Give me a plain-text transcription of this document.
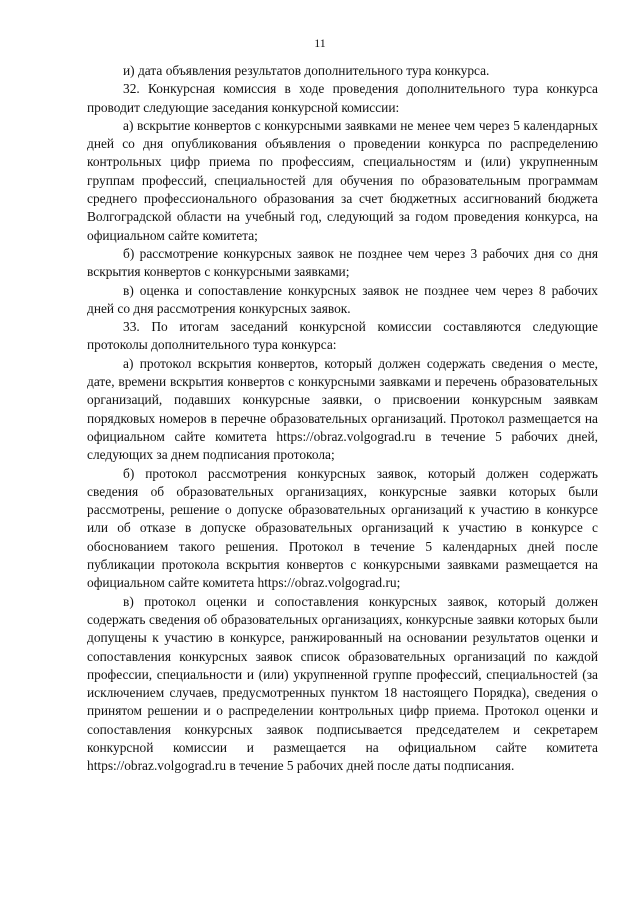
11

и) дата объявления результатов дополнительного тура конкурса.

32. Конкурсная комиссия в ходе проведения дополнительного тура конкурса проводит следующие заседания конкурсной комиссии:

а) вскрытие конвертов с конкурсными заявками не менее чем через 5 календарных дней со дня опубликования объявления о проведении конкурса по распределению контрольных цифр приема по профессиям, специальностям и (или) укрупненным группам профессий, специальностей для обучения по образовательным программам среднего профессионального образования за счет бюджетных ассигнований бюджета Волгоградской области на учебный год, следующий за годом проведения конкурса, на официальном сайте комитета;

б) рассмотрение конкурсных заявок не позднее чем через 3 рабочих дня со дня вскрытия конвертов с конкурсными заявками;

в) оценка и сопоставление конкурсных заявок не позднее чем через 8 рабочих дней со дня рассмотрения конкурсных заявок.

33. По итогам заседаний конкурсной комиссии составляются следующие протоколы дополнительного тура конкурса:

а) протокол вскрытия конвертов, который должен содержать сведения о месте, дате, времени вскрытия конвертов с конкурсными заявками и перечень образовательных организаций, подавших конкурсные заявки, о присвоении конкурсным заявкам порядковых номеров в перечне образовательных организаций. Протокол размещается на официальном сайте комитета https://obraz.volgograd.ru в течение 5 рабочих дней, следующих за днем подписания протокола;

б) протокол рассмотрения конкурсных заявок, который должен содержать сведения об образовательных организациях, конкурсные заявки которых были рассмотрены, решение о допуске образовательных организаций к участию в конкурсе или об отказе в допуске образовательных организаций к участию в конкурсе с обоснованием такого решения. Протокол в течение 5 календарных дней после публикации протокола вскрытия конвертов с конкурсными заявками размещается на официальном сайте комитета https://obraz.volgograd.ru;

в) протокол оценки и сопоставления конкурсных заявок, который должен содержать сведения об образовательных организациях, конкурсные заявки которых были допущены к участию в конкурсе, ранжированный на основании результатов оценки и сопоставления конкурсных заявок список образовательных организаций по каждой профессии, специальности и (или) укрупненной группе профессий, специальностей (за исключением случаев, предусмотренных пунктом 18 настоящего Порядка), сведения о принятом решении и о распределении контрольных цифр приема. Протокол оценки и сопоставления конкурсных заявок подписывается председателем и секретарем конкурсной комиссии и размещается на официальном сайте комитета https://obraz.volgograd.ru в течение 5 рабочих дней после даты подписания.
